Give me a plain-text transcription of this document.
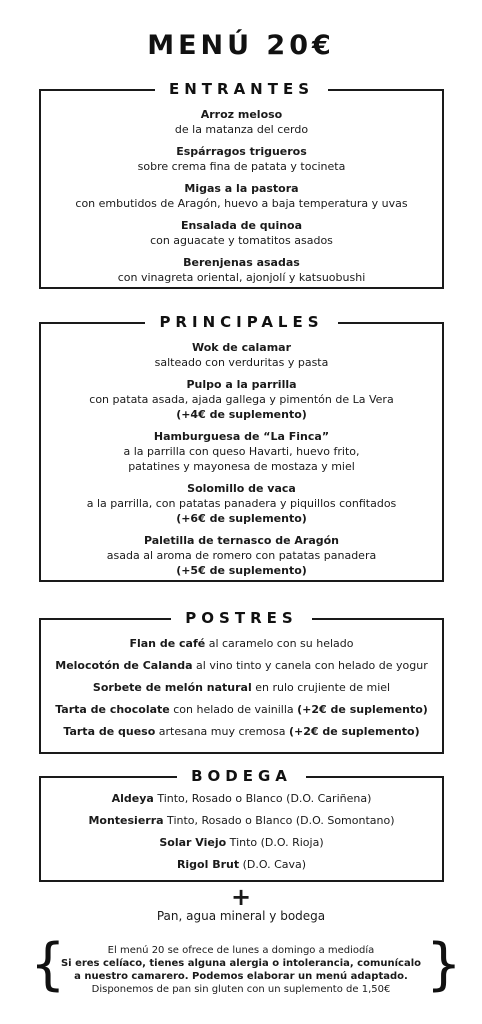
MENÚ 20€
ENTRANTES
Arroz meloso
de la matanza del cerdo
Espárragos trigueros
sobre crema fina de patata y tocineta
Migas a la pastora
con embutidos de Aragón, huevo a baja temperatura y uvas
Ensalada de quinoa
con aguacate y tomatitos asados
Berenjenas asadas
con vinagreta oriental, ajonjolí y katsuobushi
PRINCIPALES
Wok de calamar
salteado con verduritas y pasta
Pulpo a la parrilla
con patata asada, ajada gallega y pimentón de La Vera
(+4€ de suplemento)
Hamburguesa de “La Finca”
a la parrilla con queso Havarti, huevo frito,
patatines y mayonesa de mostaza y miel
Solomillo de vaca
a la parrilla, con patatas panadera y piquillos confitados
(+6€ de suplemento)
Paletilla de ternasco de Aragón
asada al aroma de romero con patatas panadera
(+5€ de suplemento)
POSTRES
Flan de café al caramelo con su helado
Melocotón de Calanda al vino tinto y canela con helado de yogur
Sorbete de melón natural en rulo crujiente de miel
Tarta de chocolate con helado de vainilla (+2€ de suplemento)
Tarta de queso artesana muy cremosa (+2€ de suplemento)
BODEGA
Aldeya Tinto, Rosado o Blanco (D.O. Cariñena)
Montesierra Tinto, Rosado o Blanco (D.O. Somontano)
Solar Viejo Tinto (D.O. Rioja)
Rigol Brut (D.O. Cava)
+
Pan, agua mineral y bodega
{	}
El menú 20 se ofrece de lunes a domingo a mediodía
Si eres celíaco, tienes alguna alergia o intolerancia, comunícalo
a nuestro camarero. Podemos elaborar un menú adaptado.
Disponemos de pan sin gluten con un suplemento de 1,50€
